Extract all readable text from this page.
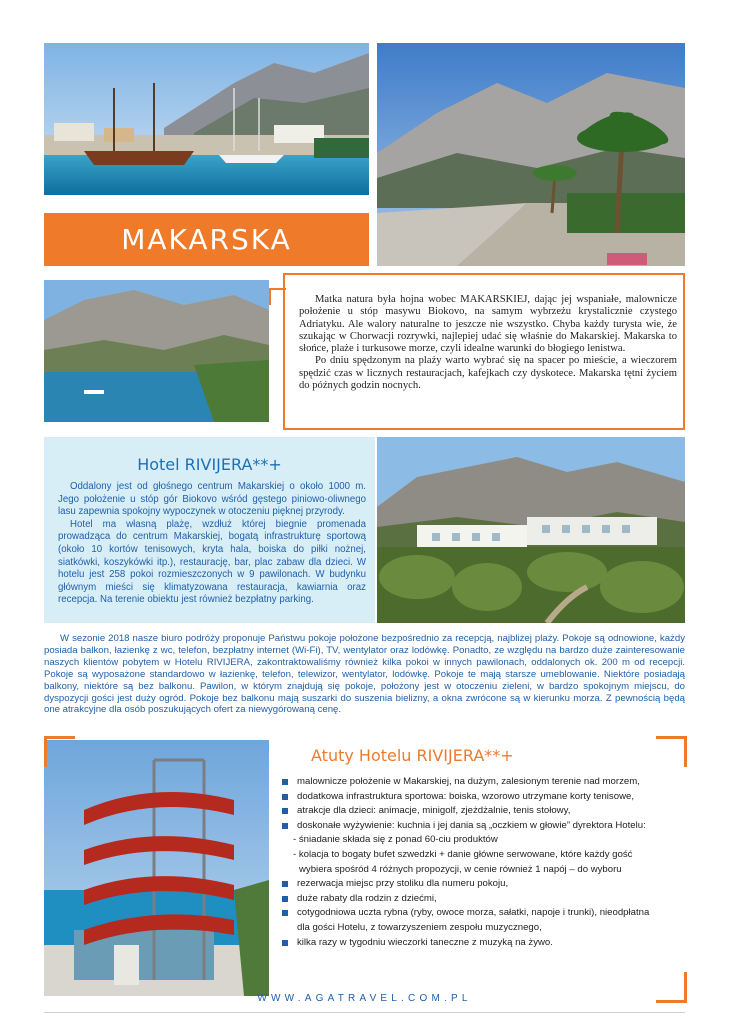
MAKARSKA

Matka natura była hojna wobec MAKARSKIEJ, dając jej wspaniałe, malownicze położenie u stóp masywu Biokovo, na samym wybrzeżu krystalicznie czystego Adriatyku. Ale walory naturalne to jeszcze nie wszystko. Chyba każdy turysta wie, że szukając w Chorwacji rozrywki, najlepiej udać się właśnie do Makarskiej. Makarska to słońce, plaże i turkusowe morze, czyli idealne warunki do błogiego lenistwa.

Po dniu spędzonym na plaży warto wybrać się na spacer po mieście, a wieczorem spędzić czas w licznych restauracjach, kafejkach czy dyskotece. Makarska tętni życiem do późnych godzin nocnych.

Hotel RIVIJERA**+

Oddalony jest od głośnego centrum Makarskiej o około 1000 m. Jego położenie u stóp gór Biokovo wśród gęstego piniowo-oliwnego lasu zapewnia spokojny wypoczynek w otoczeniu pięknej przyrody.

Hotel ma własną plażę, wzdłuż której biegnie promenada prowadząca do centrum Makarskiej, bogatą infrastrukturę sportową (około 10 kortów tenisowych, kryta hala, boiska do piłki nożnej, siatkówki, koszykówki itp.), restaurację, bar, plac zabaw dla dzieci. W hotelu jest 258 pokoi rozmieszczonych w 9 pawilonach. W budynku głównym mieści się klimatyzowana restauracja, kawiarnia oraz recepcja. Na terenie obiektu jest również bezpłatny parking.

W sezonie 2018 nasze biuro podróży proponuje Państwu pokoje położone bezpośrednio za recepcją, najbliżej plaży. Pokoje są odnowione, każdy posiada balkon, łazienkę z wc, telefon, bezpłatny internet (Wi-Fi), TV, wentylator oraz lodówkę. Ponadto, ze względu na bardzo duże zainteresowanie naszych klientów pobytem w Hotelu RIVIJERA, zakontraktowaliśmy również kilka pokoi w innych pawilonach, oddalonych ok. 200 m od recepcji. Pokoje są wyposażone standardowo w łazienkę, telefon, telewizor, wentylator, lodówkę. Pokoje te mają starsze umeblowanie. Niektóre posiadają balkony, niektóre są bez balkonu. Pawilon, w którym znajdują się pokoje, położony jest w otoczeniu zieleni, w bardzo spokojnym miejscu, do dyspozycji gości jest duży ogród. Pokoje bez balkonu mają suszarki do suszenia bielizny, a okna zwrócone są w kierunku morza. Z pewnością będą one atrakcyjne dla osób poszukujących ofert za niewygórowaną cenę.
Atuty Hotelu RIVIJERA**+
malownicze położenie w Makarskiej, na dużym, zalesionym terenie nad morzem,
dodatkowa infrastruktura sportowa: boiska, wzorowo utrzymane korty tenisowe,
atrakcje dla dzieci: animacje, minigolf, zjeżdżalnie, tenis stołowy,
doskonałe wyżywienie: kuchnia i jej dania są „oczkiem w głowie” dyrektora Hotelu:
- śniadanie składa się z ponad 60-ciu produktów
- kolacja to bogaty bufet szwedzki + danie główne serwowane, które każdy gość
wybiera spośród 4 różnych propozycji, w cenie również 1 napój – do wyboru
rezerwacja miejsc przy stoliku dla numeru pokoju,
duże rabaty dla rodzin z dziećmi,
cotygodniowa uczta rybna (ryby, owoce morza, sałatki, napoje i trunki), nieodpłatna dla gości Hotelu, z towarzyszeniem zespołu muzycznego,
kilka razy w tygodniu wieczorki taneczne z muzyką na żywo.
WWW.AGATRAVEL.COM.PL
